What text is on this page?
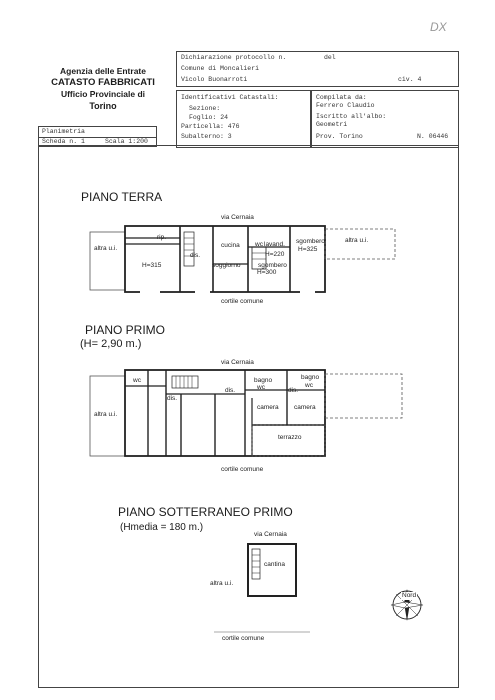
DX
Agenzia delle Entrate
CATASTO FABBRICATI
Ufficio Provinciale di
Torino
Dichiarazione protocollo n.	del
Comune di Moncalieri
Vicolo Buonarroti	civ. 4
Identificativi Catastali:
Sezione:
Foglio: 24
Particella: 476
Subalterno: 3
Compilata da:
Ferrero Claudio
Iscritto all'albo:
Geometri
Prov. Torino	N. 06446
Planimetria
Scheda n. 1	Scala 1:200
PIANO TERRA
PIANO PRIMO
(H= 2,90 m.)
PIANO SOTTERRANEO PRIMO
(Hmedia = 180 m.)
via Cernaia
cortile comune
rip.
cucina	lavand.
H=220
altra u.i.
altra u.i.
H=315
dis.
soggiorno	sgombero
H=300
sgombero
H=325
wc
via Cernaia
cortile comune
wc	bagno
wc
bagno
wc
dis.
dis.	dis.
camera camera
terrazzo
altra u.i.
via Cernaia
cortile comune
cantina
altra u.i.
Nord
